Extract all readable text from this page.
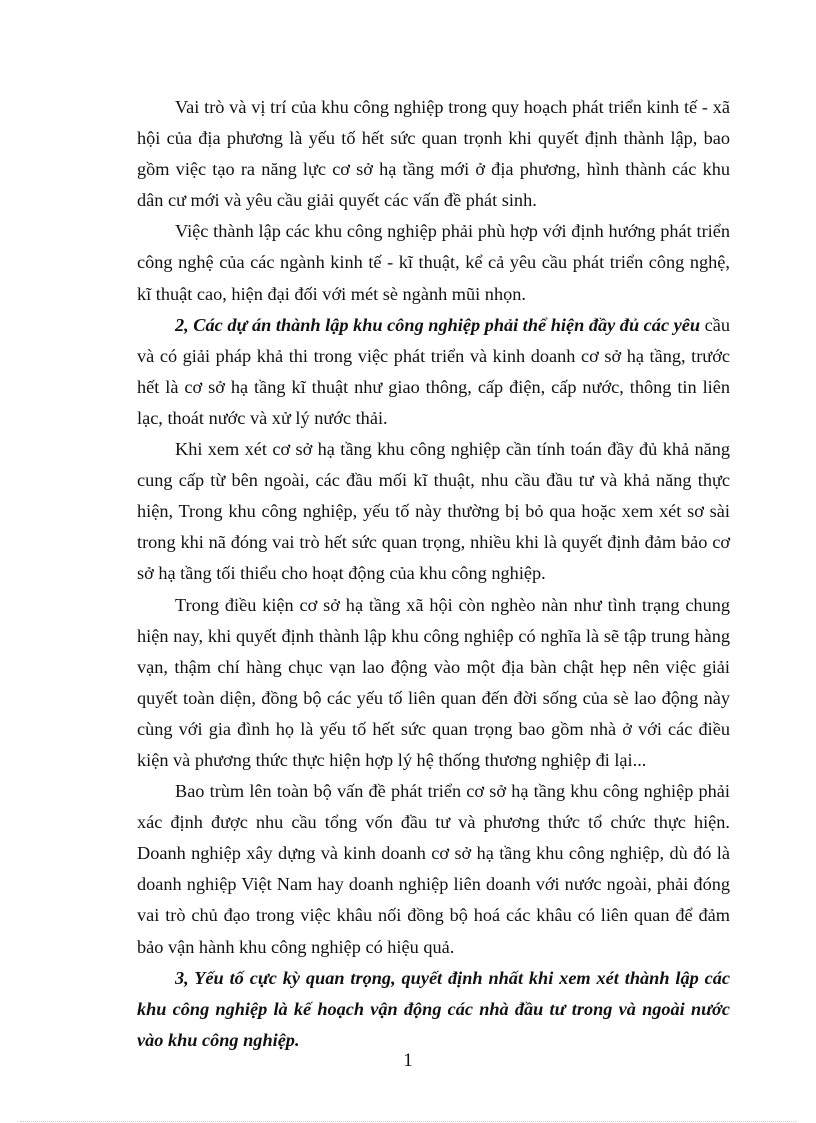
Vai trò và vị trí của khu công nghiệp trong quy hoạch phát triển kinh tế - xã hội của địa phương là yếu tố hết sức quan trọnh khi quyết định thành lập, bao gồm việc tạo ra năng lực cơ sở hạ tầng mới ở địa phương, hình thành các khu dân cư mới và yêu cầu giải quyết các vấn đề phát sinh.

Việc thành lập các khu công nghiệp phải phù hợp với định hướng phát triển công nghệ của các ngành kinh tế - kĩ thuật, kể cả yêu cầu phát triển công nghệ, kĩ thuật cao, hiện đại đối với mét sè ngành mũi nhọn.

2, Các dự án thành lập khu công nghiệp phải thể hiện đầy đủ các yêu cầu và có giải pháp khả thi trong việc phát triển và kinh doanh cơ sở hạ tầng, trước hết là cơ sở hạ tầng kĩ thuật như giao thông, cấp điện, cấp nước, thông tin liên lạc, thoát nước và xử lý nước thải.

Khi xem xét cơ sở hạ tầng khu công nghiệp cần tính toán đầy đủ khả năng cung cấp từ bên ngoài, các đầu mối kĩ thuật, nhu cầu đầu tư và khả năng thực hiện, Trong khu công nghiệp, yếu tố này thường bị bỏ qua hoặc xem xét sơ sài trong khi nã đóng vai trò hết sức quan trọng, nhiều khi là quyết định đảm bảo cơ sở hạ tầng tối thiểu cho hoạt động của khu công nghiệp.

Trong điều kiện cơ sở hạ tầng xã hội còn nghèo nàn như tình trạng chung hiện nay, khi quyết định thành lập khu công nghiệp có nghĩa là sẽ tập trung hàng vạn, thậm chí hàng chục vạn lao động vào một địa bàn chật hẹp nên việc giải quyết toàn diện, đồng bộ các yếu tố liên quan đến đời sống của sè lao động này cùng với gia đình họ là yếu tố hết sức quan trọng bao gồm nhà ở với các điều kiện và phương thức thực hiện hợp lý hệ thống thương nghiệp đi lại...

Bao trùm lên toàn bộ vấn đề phát triển cơ sở hạ tầng khu công nghiệp phải xác định được nhu cầu tổng vốn đầu tư và phương thức tổ chức thực hiện. Doanh nghiệp xây dựng và kinh doanh cơ sở hạ tầng khu công nghiệp, dù đó là doanh nghiệp Việt Nam hay doanh nghiệp liên doanh với nước ngoài, phải đóng vai trò chủ đạo trong việc khâu nối đồng bộ hoá các khâu có liên quan để đảm bảo vận hành khu công nghiệp có hiệu quả.

3, Yếu tố cực kỳ quan trọng, quyết định nhất khi xem xét thành lập các khu công nghiệp là kế hoạch vận động các nhà đầu tư trong và ngoài nước vào khu công nghiệp.

1
